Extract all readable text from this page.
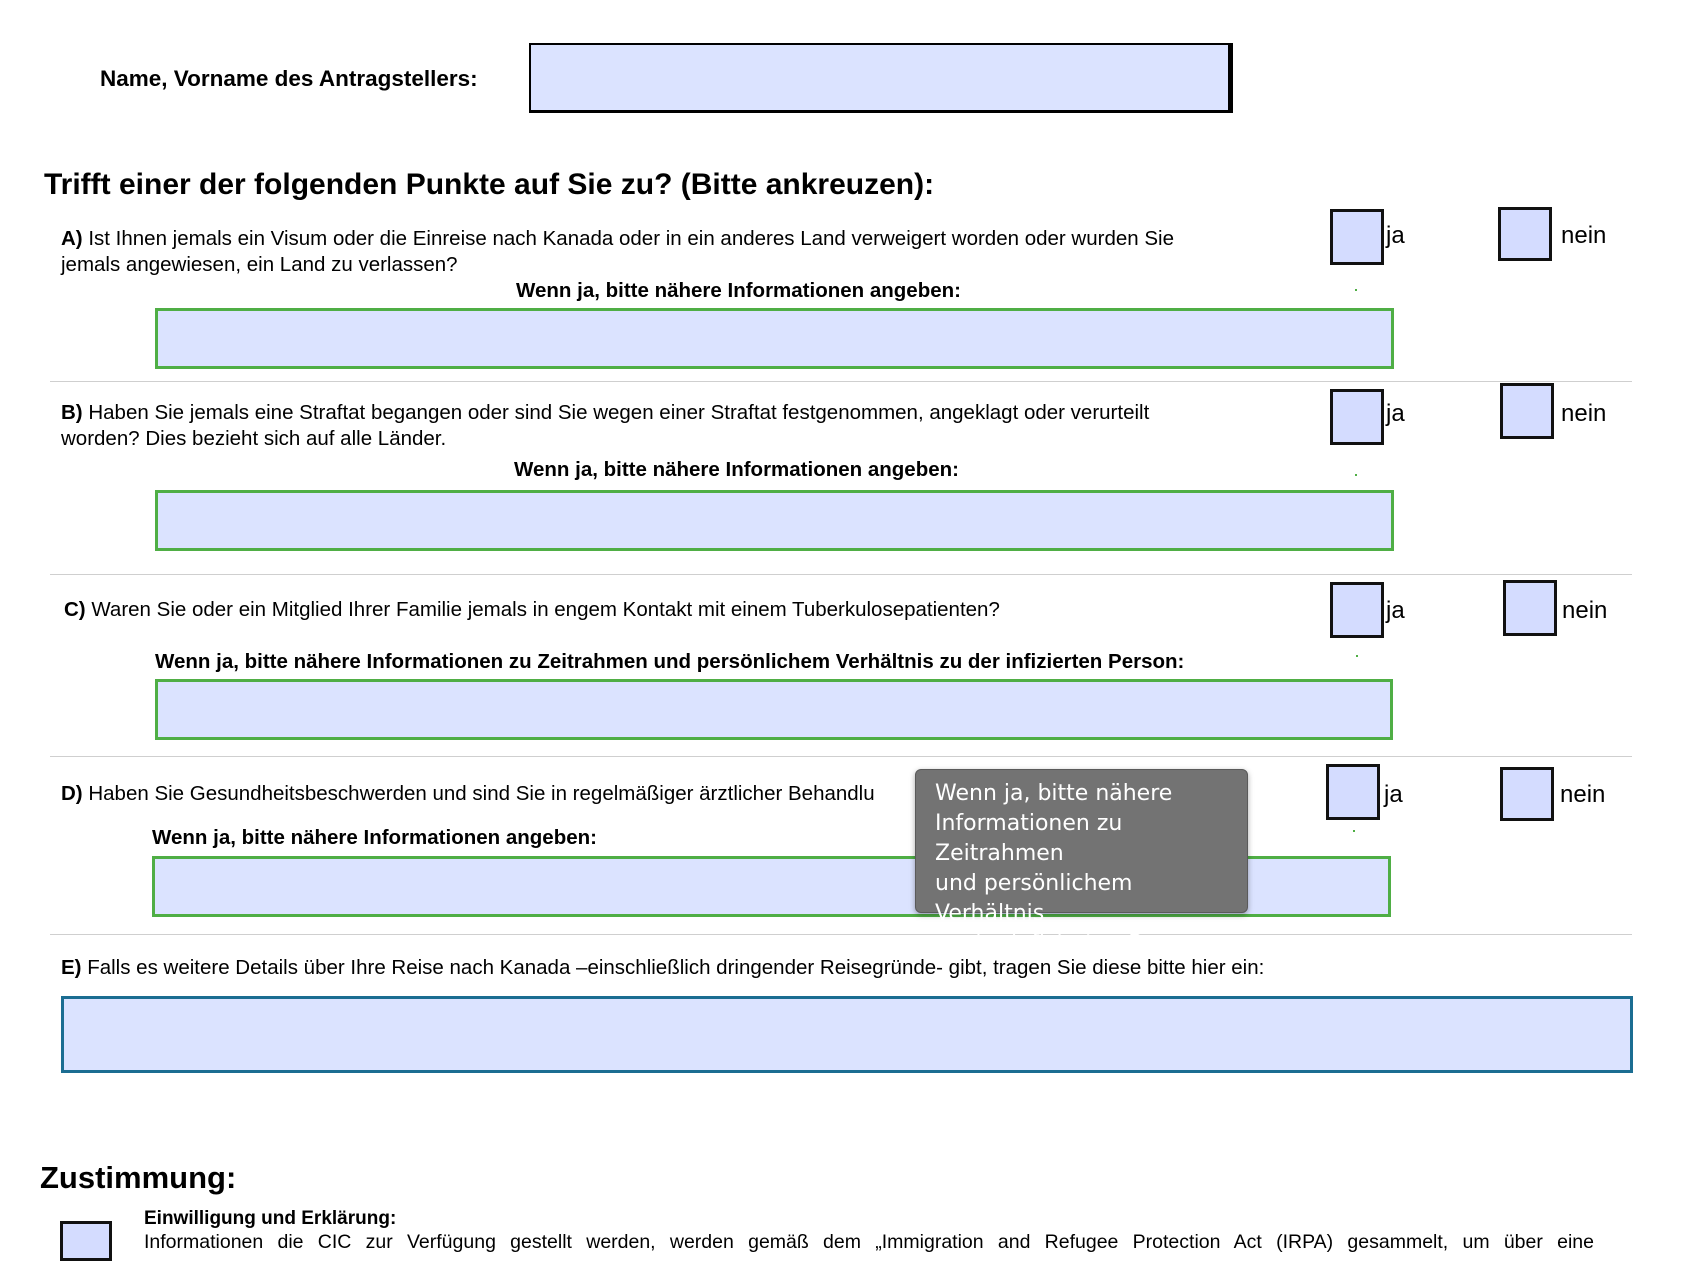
Name, Vorname des Antragstellers:
Trifft einer der folgenden Punkte auf Sie zu? (Bitte ankreuzen):
A) Ist Ihnen jemals ein Visum oder die Einreise nach Kanada oder in ein anderes Land verweigert worden oder wurden Sie
jemals angewiesen, ein Land zu verlassen?
ja	nein
Wenn ja, bitte nähere Informationen angeben:
B) Haben Sie jemals eine Straftat begangen oder sind Sie wegen einer Straftat festgenommen, angeklagt oder verurteilt
worden? Dies bezieht sich auf alle Länder.
ja	nein
Wenn ja, bitte nähere Informationen angeben:
C) Waren Sie oder ein Mitglied Ihrer Familie jemals in engem Kontakt mit einem Tuberkulosepatienten?	ja	nein
Wenn ja, bitte nähere Informationen zu Zeitrahmen und persönlichem Verhältnis zu der infizierten Person:
D) Haben Sie Gesundheitsbeschwerden und sind Sie in regelmäßiger ärztlicher Behandlu	ja	nein
Wenn ja, bitte nähere Informationen angeben:
E) Falls es weitere Details über Ihre Reise nach Kanada –einschließlich dringender Reisegründe- gibt, tragen Sie diese bitte hier ein:
Wenn ja, bitte nähere
Informationen zu Zeitrahmen
und persönlichem Verhältnis
zu der infizierten Person
Zustimmung:
Einwilligung und Erklärung:
Informationen die CIC zur Verfügung gestellt werden, werden gemäß dem „Immigration and Refugee Protection Act (IRPA) gesammelt, um über eine
